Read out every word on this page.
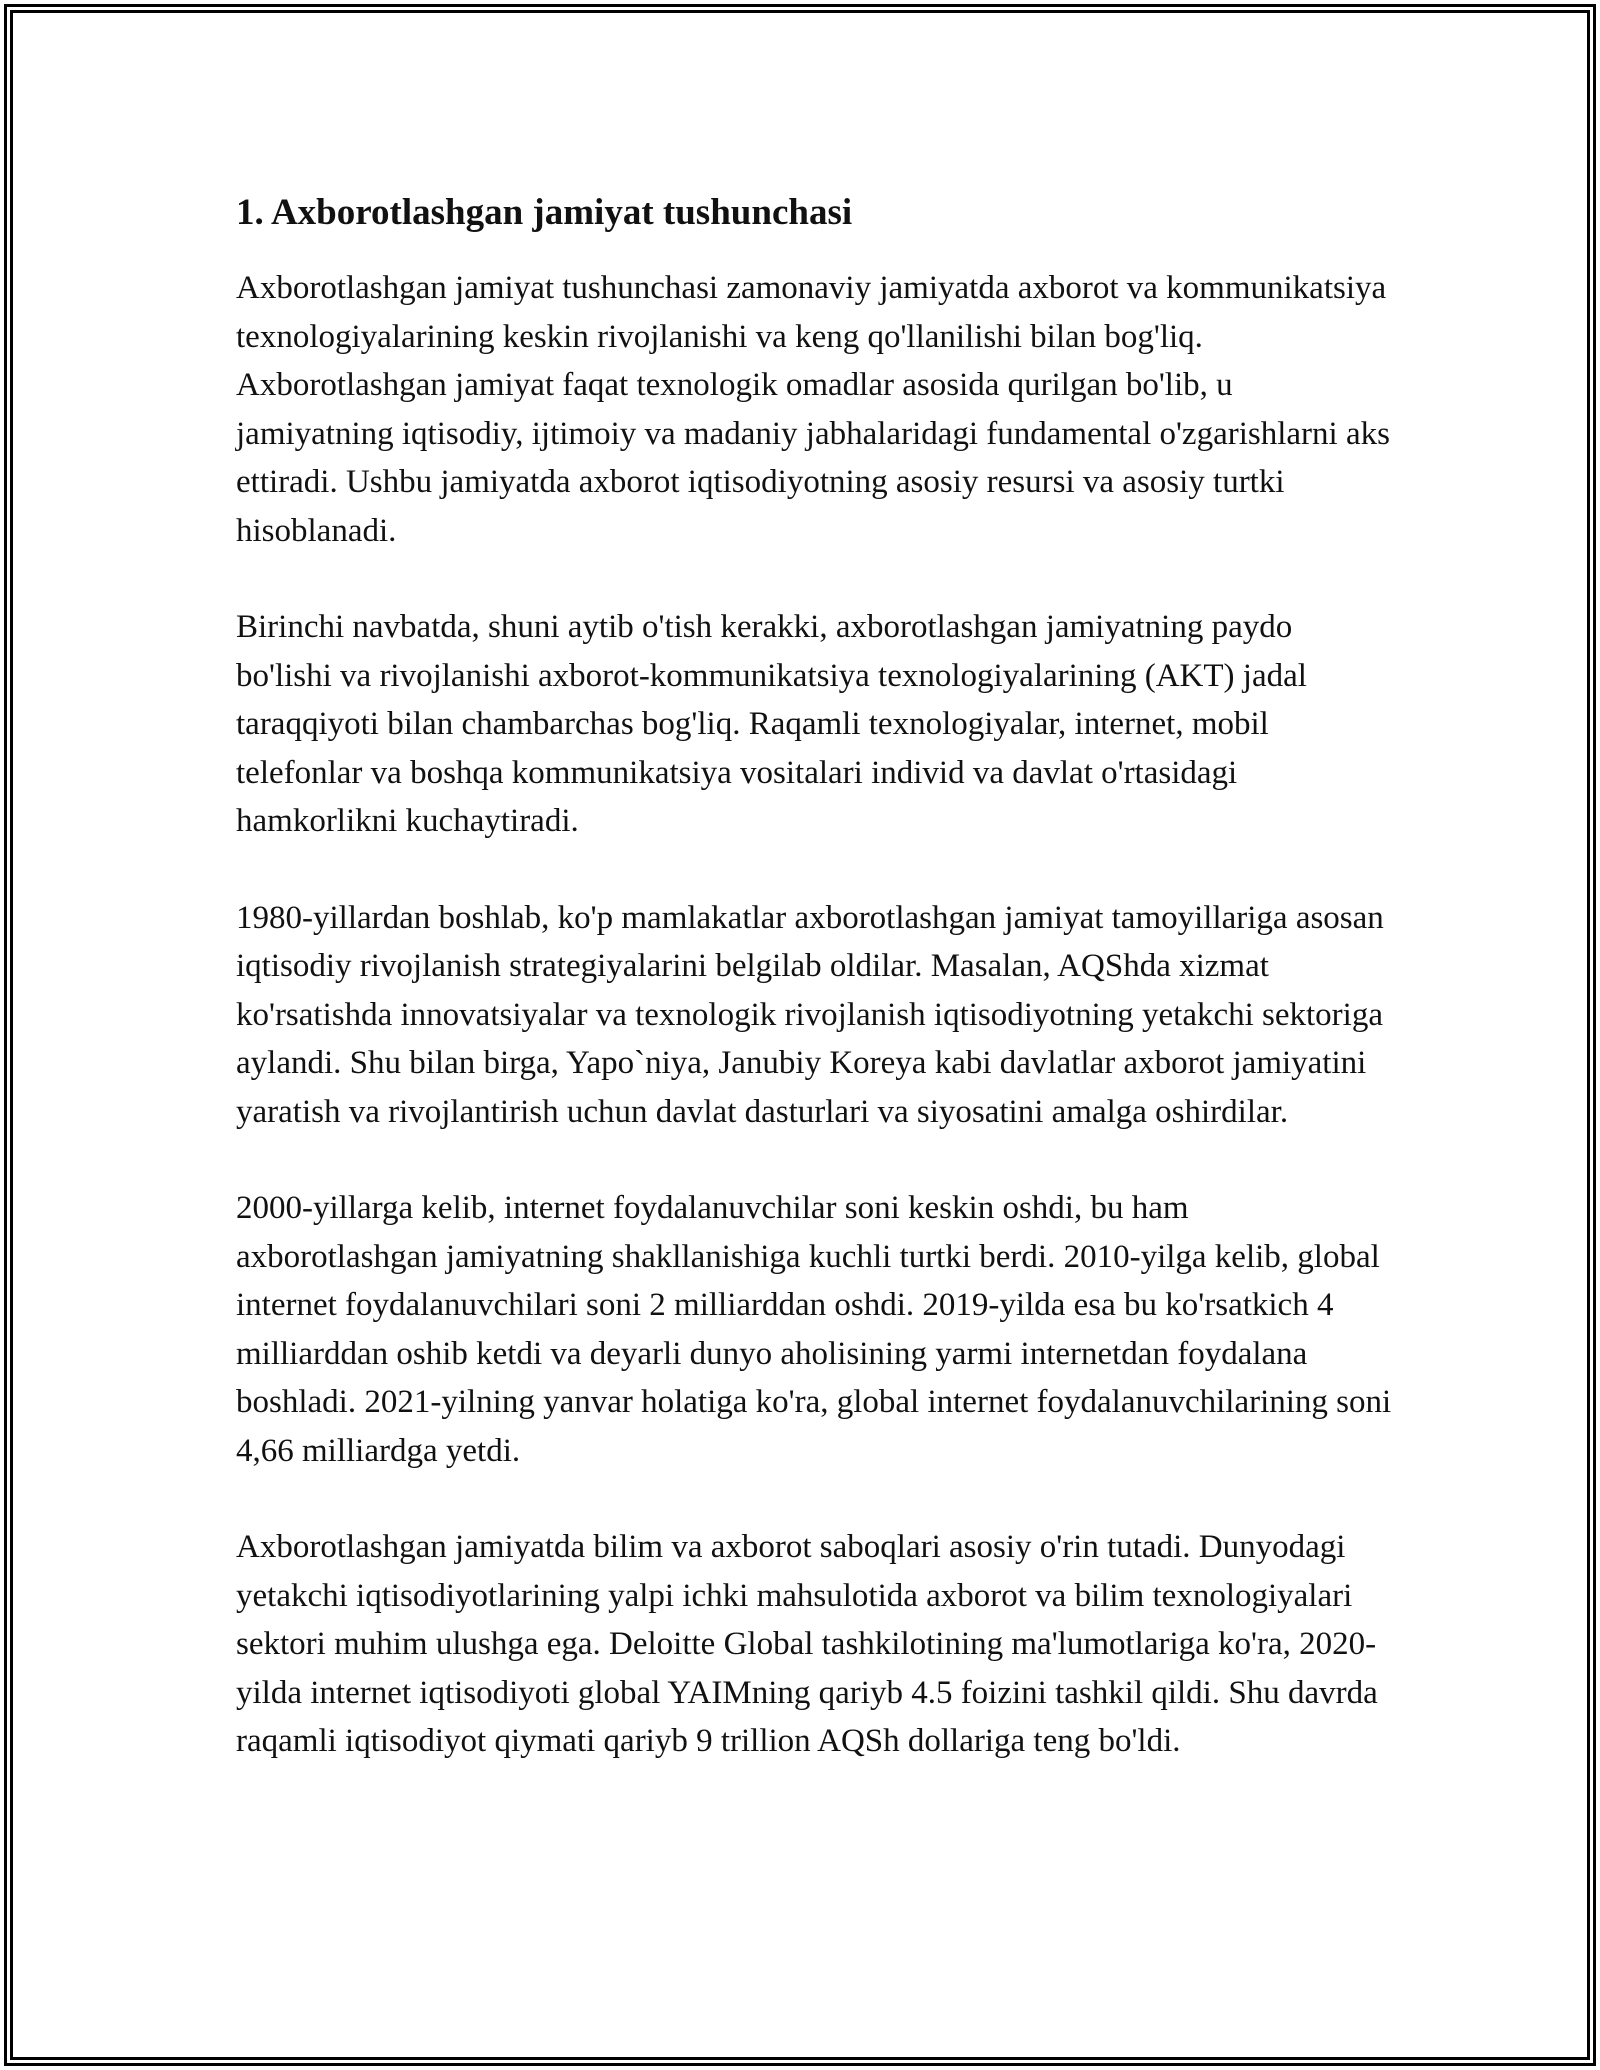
1. Axborotlashgan jamiyat tushunchasi

Axborotlashgan jamiyat tushunchasi zamonaviy jamiyatda axborot va kommunikatsiya texnologiyalarining keskin rivojlanishi va keng qo'llanilishi bilan bog'liq. Axborotlashgan jamiyat faqat texnologik omadlar asosida qurilgan bo'lib, u jamiyatning iqtisodiy, ijtimoiy va madaniy jabhalaridagi fundamental o'zgarishlarni aks ettiradi. Ushbu jamiyatda axborot iqtisodiyotning asosiy resursi va asosiy turtki hisoblanadi.

Birinchi navbatda, shuni aytib o'tish kerakki, axborotlashgan jamiyatning paydo bo'lishi va rivojlanishi axborot-kommunikatsiya texnologiyalarining (AKT) jadal taraqqiyoti bilan chambarchas bog'liq. Raqamli texnologiyalar, internet, mobil telefonlar va boshqa kommunikatsiya vositalari individ va davlat o'rtasidagi hamkorlikni kuchaytiradi.

1980-yillardan boshlab, ko'p mamlakatlar axborotlashgan jamiyat tamoyillariga asosan iqtisodiy rivojlanish strategiyalarini belgilab oldilar. Masalan, AQShda xizmat ko'rsatishda innovatsiyalar va texnologik rivojlanish iqtisodiyotning yetakchi sektoriga aylandi. Shu bilan birga, Yapo`niya, Janubiy Koreya kabi davlatlar axborot jamiyatini yaratish va rivojlantirish uchun davlat dasturlari va siyosatini amalga oshirdilar.

2000-yillarga kelib, internet foydalanuvchilar soni keskin oshdi, bu ham axborotlashgan jamiyatning shakllanishiga kuchli turtki berdi. 2010-yilga kelib, global internet foydalanuvchilari soni 2 milliarddan oshdi. 2019-yilda esa bu ko'rsatkich 4 milliarddan oshib ketdi va deyarli dunyo aholisining yarmi internetdan foydalana boshladi. 2021-yilning yanvar holatiga ko'ra, global internet foydalanuvchilarining soni 4,66 milliardga yetdi.

Axborotlashgan jamiyatda bilim va axborot saboqlari asosiy o'rin tutadi. Dunyodagi yetakchi iqtisodiyotlarining yalpi ichki mahsulotida axborot va bilim texnologiyalari sektori muhim ulushga ega. Deloitte Global tashkilotining ma'lumotlariga ko'ra, 2020-yilda internet iqtisodiyoti global YAIMning qariyb 4.5 foizini tashkil qildi. Shu davrda raqamli iqtisodiyot qiymati qariyb 9 trillion AQSh dollariga teng bo'ldi.
